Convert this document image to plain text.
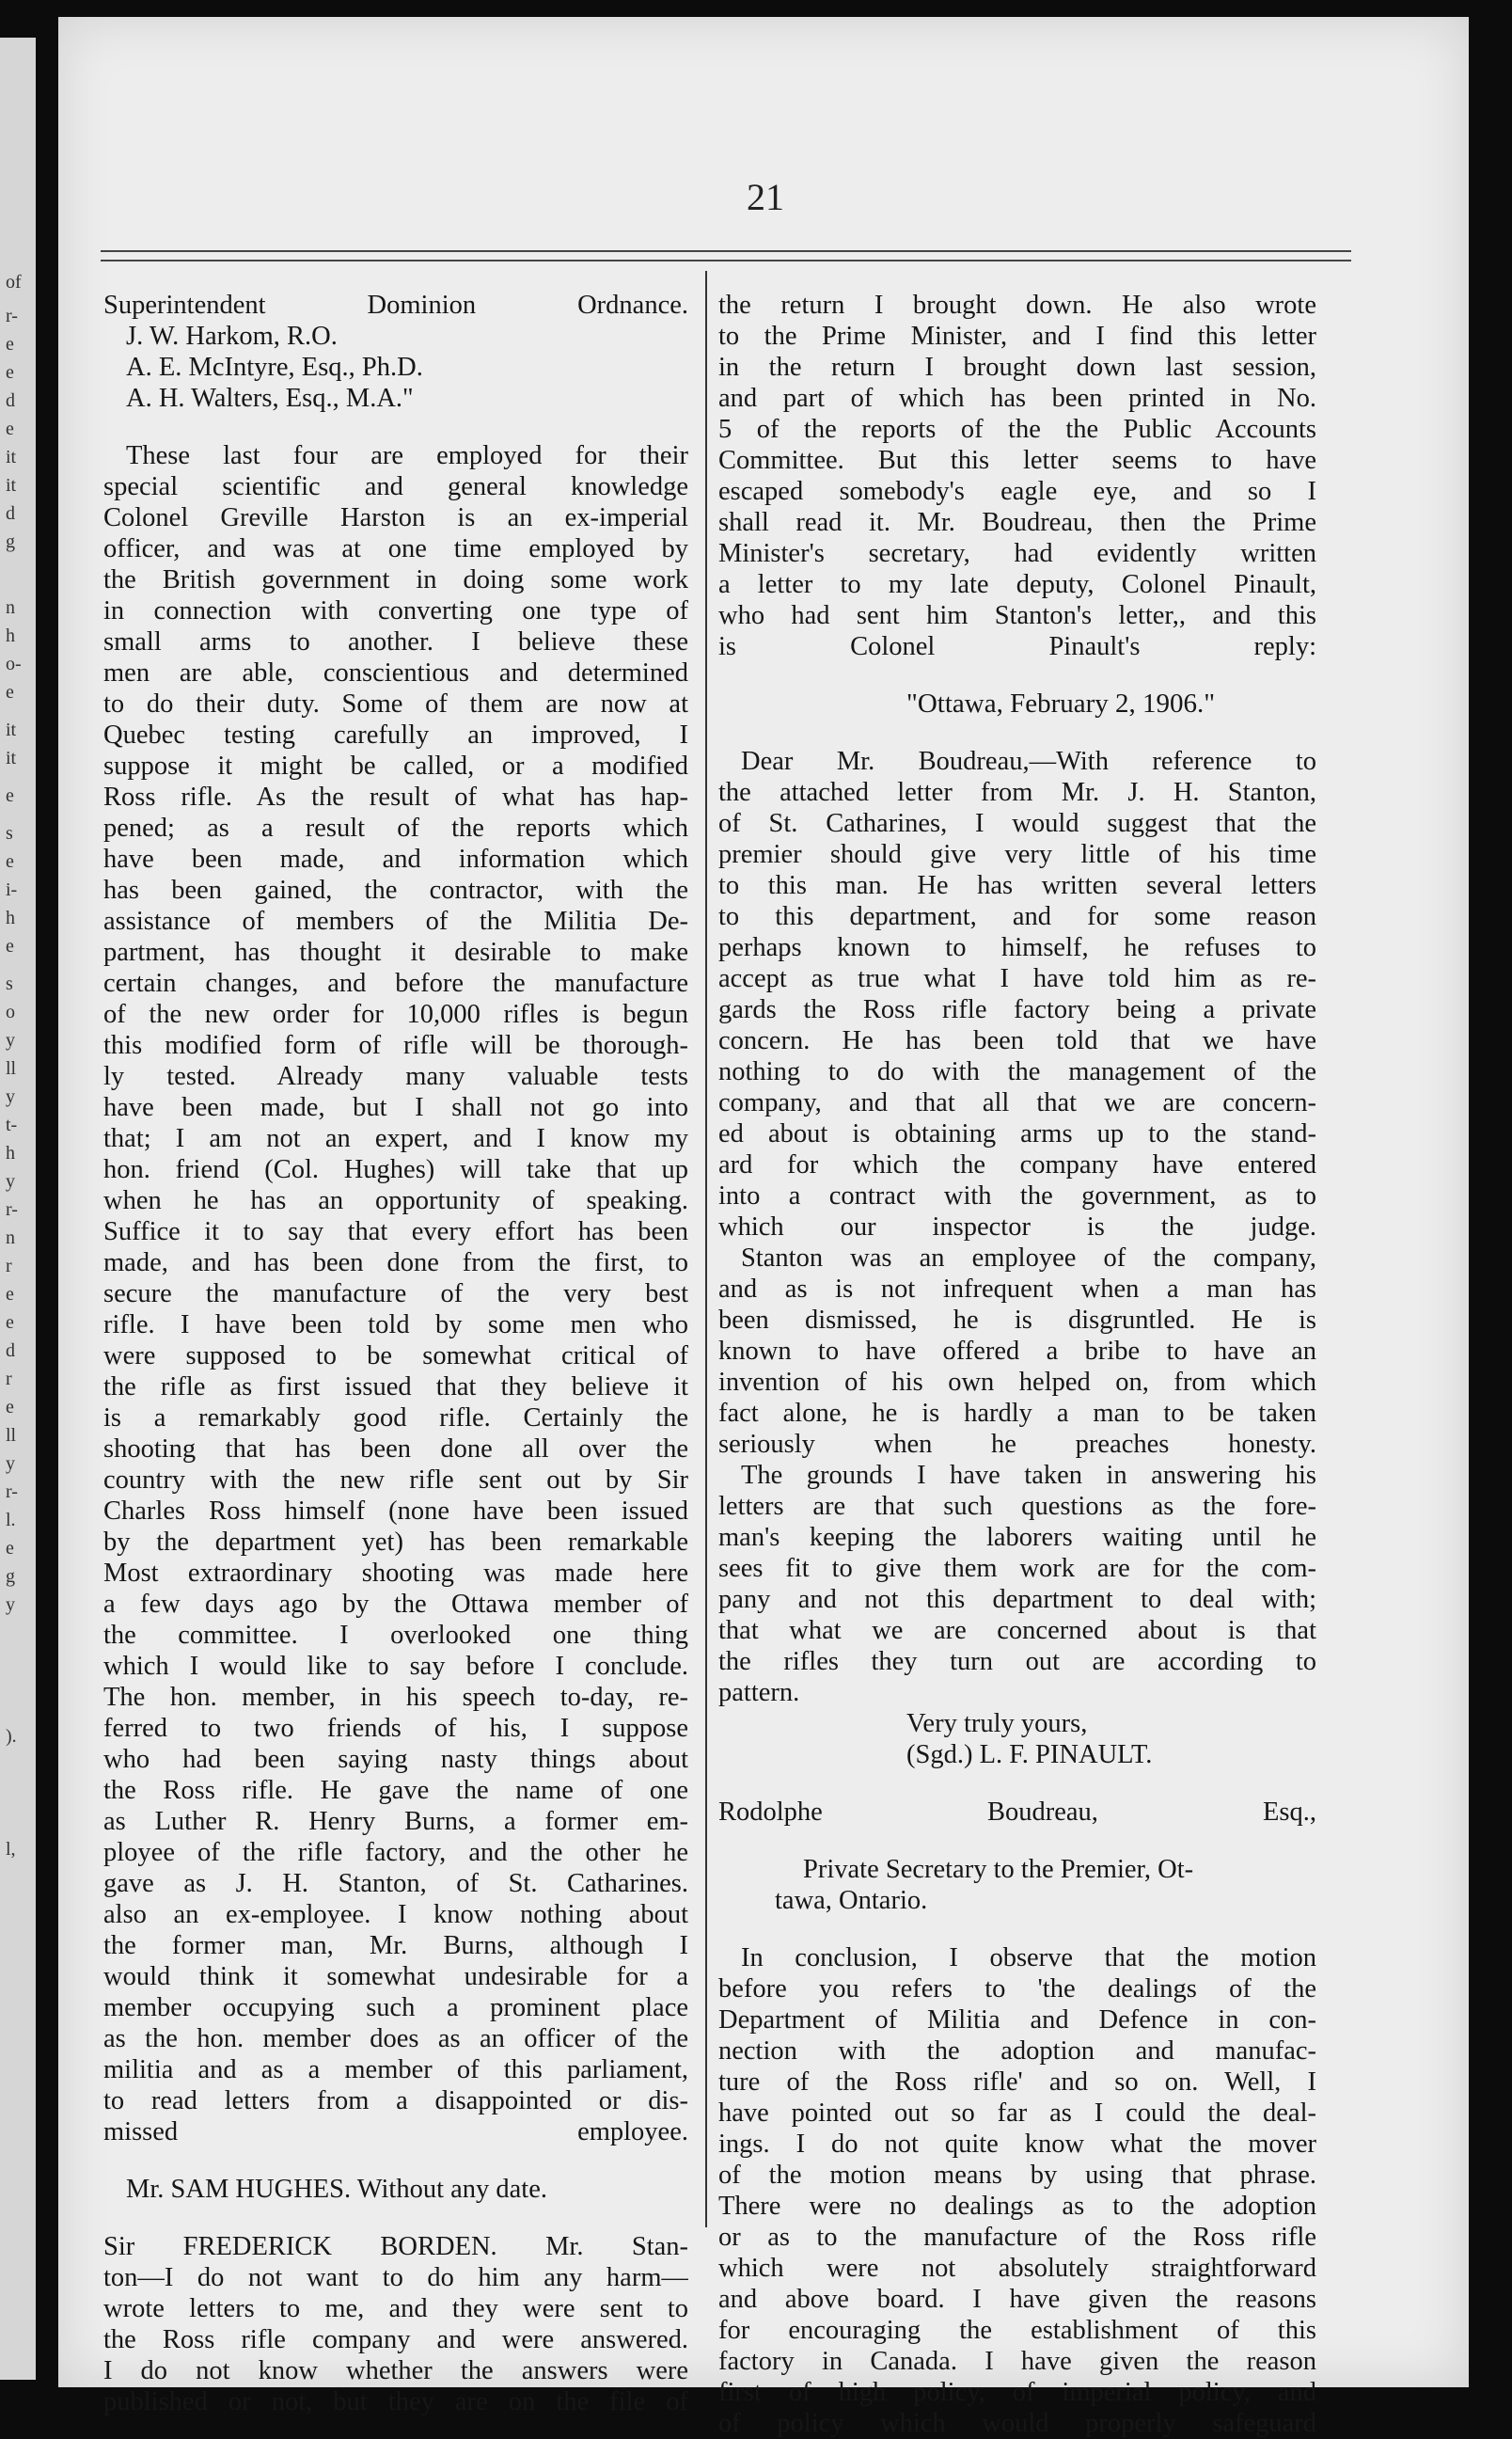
of
r-
e
e
d
e
it
it
d
g
n
h
o-
e
it
it
e
s
e
i-
h
e
s
o
y
ll
y
t-
h
y
r-
n
r
e
e
d
r
e
ll
y
r-
l.
e
g
y
).
l,
21
Superintendent Dominion Ordnance.
J. W. Harkom, R.O.
A. E. McIntyre, Esq., Ph.D.
A. H. Walters, Esq., M.A."
These last four are employed for their
special scientific and general knowledge
Colonel Greville Harston is an ex-imperial
officer, and was at one time employed by
the British government in doing some work
in connection with converting one type of
small arms to another. I believe these
men are able, conscientious and determined
to do their duty. Some of them are now at
Quebec testing carefully an improved, I
suppose it might be called, or a modified
Ross rifle. As the result of what has hap-
pened; as a result of the reports which
have been made, and information which
has been gained, the contractor, with the
assistance of members of the Militia De-
partment, has thought it desirable to make
certain changes, and before the manufacture
of the new order for 10,000 rifles is begun
this modified form of rifle will be thorough-
ly tested. Already many valuable tests
have been made, but I shall not go into
that; I am not an expert, and I know my
hon. friend (Col. Hughes) will take that up
when he has an opportunity of speaking.
Suffice it to say that every effort has been
made, and has been done from the first, to
secure the manufacture of the very best
rifle. I have been told by some men who
were supposed to be somewhat critical of
the rifle as first issued that they believe it
is a remarkably good rifle. Certainly the
shooting that has been done all over the
country with the new rifle sent out by Sir
Charles Ross himself (none have been issued
by the department yet) has been remarkable
Most extraordinary shooting was made here
a few days ago by the Ottawa member of
the committee. I overlooked one thing
which I would like to say before I conclude.
The hon. member, in his speech to-day, re-
ferred to two friends of his, I suppose
who had been saying nasty things about
the Ross rifle. He gave the name of one
as Luther R. Henry Burns, a former em-
ployee of the rifle factory, and the other he
gave as J. H. Stanton, of St. Catharines.
also an ex-employee. I know nothing about
the former man, Mr. Burns, although I
would think it somewhat undesirable for a
member occupying such a prominent place
as the hon. member does as an officer of the
militia and as a member of this parliament,
to read letters from a disappointed or dis-
missed employee.
Mr. SAM HUGHES. Without any date.
Sir FREDERICK BORDEN. Mr. Stan-
ton—I do not want to do him any harm—
wrote letters to me, and they were sent to
the Ross rifle company and were answered.
I do not know whether the answers were
published or not, but they are on the file of
the return I brought down. He also wrote
to the Prime Minister, and I find this letter
in the return I brought down last session,
and part of which has been printed in No.
5 of the reports of the the Public Accounts
Committee. But this letter seems to have
escaped somebody's eagle eye, and so I
shall read it. Mr. Boudreau, then the Prime
Minister's secretary, had evidently written
a letter to my late deputy, Colonel Pinault,
who had sent him Stanton's letter,, and this
is Colonel Pinault's reply:
"Ottawa, February 2, 1906."
Dear Mr. Boudreau,—With reference to
the attached letter from Mr. J. H. Stanton,
of St. Catharines, I would suggest that the
premier should give very little of his time
to this man. He has written several letters
to this department, and for some reason
perhaps known to himself, he refuses to
accept as true what I have told him as re-
gards the Ross rifle factory being a private
concern. He has been told that we have
nothing to do with the management of the
company, and that all that we are concern-
ed about is obtaining arms up to the stand-
ard for which the company have entered
into a contract with the government, as to
which our inspector is the judge.
Stanton was an employee of the company,
and as is not infrequent when a man has
been dismissed, he is disgruntled. He is
known to have offered a bribe to have an
invention of his own helped on, from which
fact alone, he is hardly a man to be taken
seriously when he preaches honesty.
The grounds I have taken in answering his
letters are that such questions as the fore-
man's keeping the laborers waiting until he
sees fit to give them work are for the com-
pany and not this department to deal with;
that what we are concerned about is that
the rifles they turn out are according to
pattern.
Very truly yours,
(Sgd.) L. F. PINAULT.
Rodolphe Boudreau, Esq.,
Private Secretary to the Premier, Ot-
tawa, Ontario.
In conclusion, I observe that the motion
before you refers to 'the dealings of the
Department of Militia and Defence in con-
nection with the adoption and manufac-
ture of the Ross rifle' and so on. Well, I
have pointed out so far as I could the deal-
ings. I do not quite know what the mover
of the motion means by using that phrase.
There were no dealings as to the adoption
or as to the manufacture of the Ross rifle
which were not absolutely straightforward
and above board. I have given the reasons
for encouraging the establishment of this
factory in Canada. I have given the reason
first of high policy, of imperial policy, and
of policy which would properly safeguard
